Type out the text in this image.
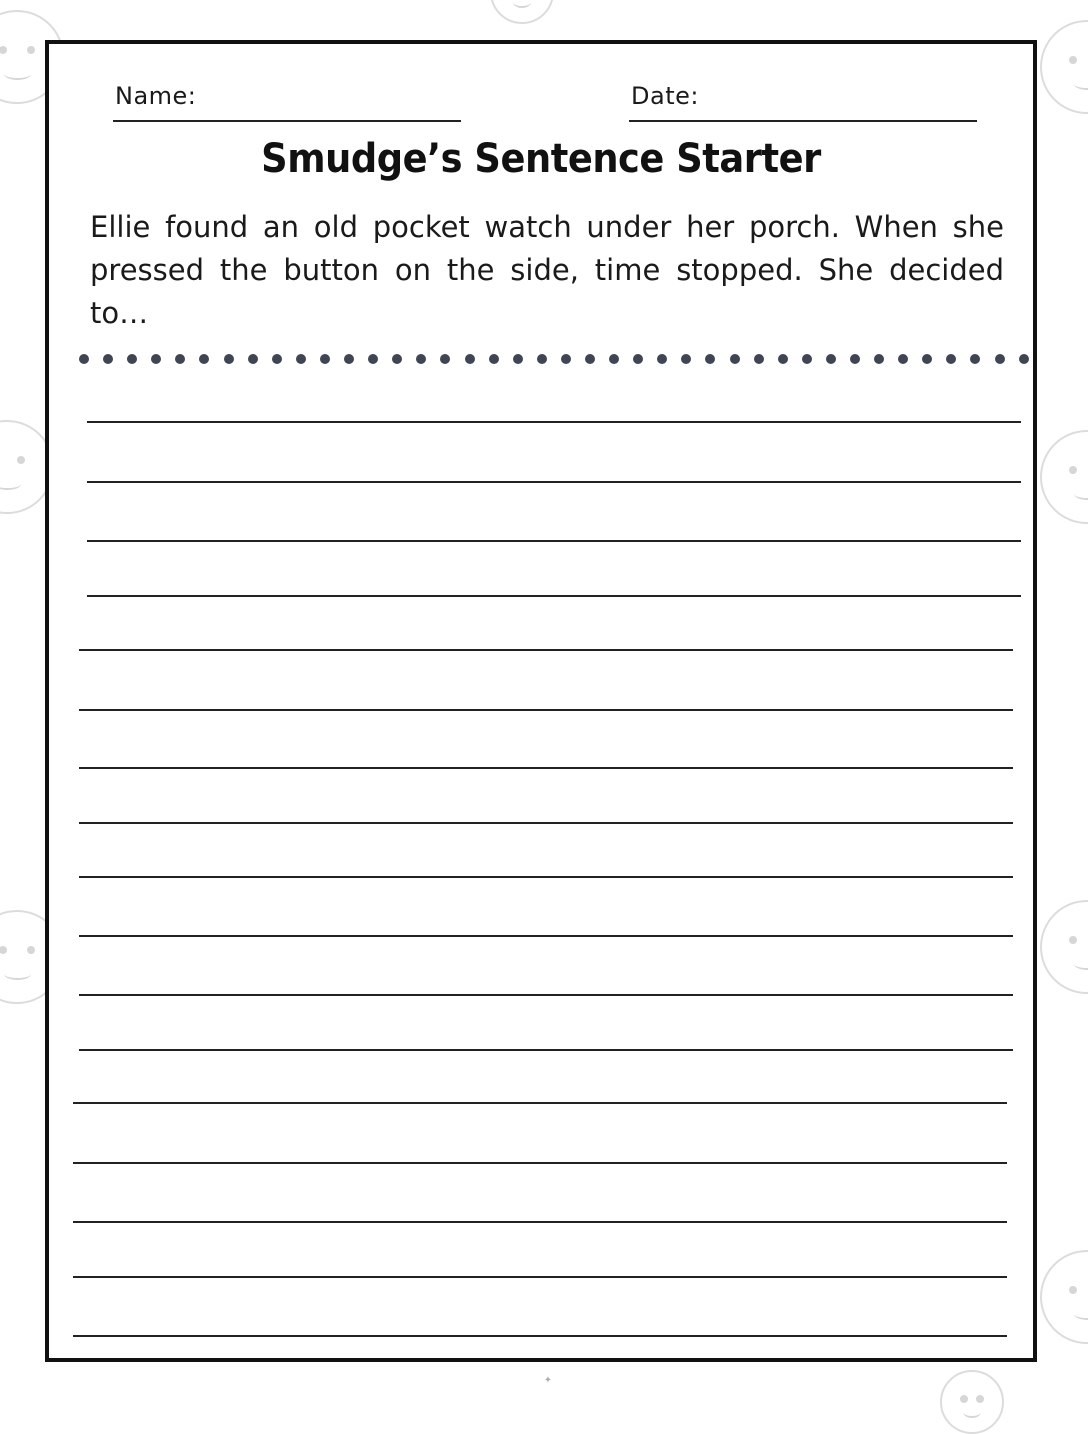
Name:	Date:
Smudge’s Sentence Starter
Ellie found an old pocket watch under her porch. When she pressed the button on the side, time stopped. She decided to…
✦
